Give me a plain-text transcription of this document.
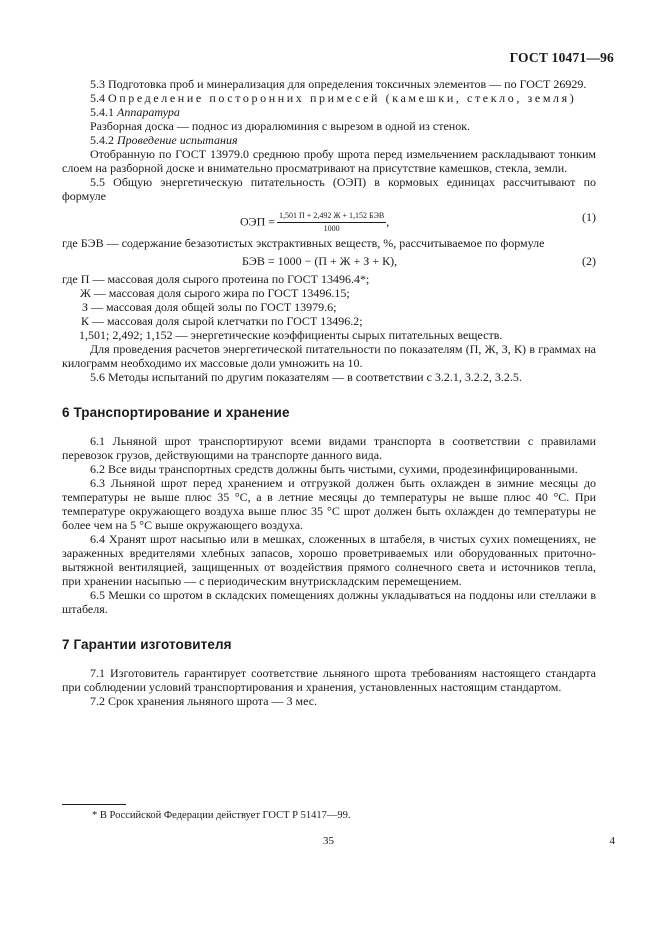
ГОСТ 10471—96

5.3 Подготовка проб и минерализация для определения токсичных элементов — по ГОСТ 26929.

5.4 Определение посторонних примесей (камешки, стекло, земля)

5.4.1 Аппаратура

Разборная доска — поднос из дюралюминия с вырезом в одной из стенок.

5.4.2 Проведение испытания

Отобранную по ГОСТ 13979.0 среднюю пробу шрота перед измельчением раскладывают тонким слоем на разборной доске и внимательно просматривают на присутствие камешков, стекла, земли.

5.5 Общую энергетическую питательность (ОЭП) в кормовых единицах рассчитывают по формуле

ОЭП = $\frac{\text{1,501 П + 2,492 Ж + 1,152 БЭВ}}{1000}$ ,	(1)

где БЭВ — содержание безазотистых экстрактивных веществ, %, рассчитываемое по формуле

БЭВ = 1000 − (П + Ж + З + К),	(2)

где П — массовая доля сырого протеина по ГОСТ 13496.4*;

Ж — массовая доля сырого жира по ГОСТ 13496.15;

З — массовая доля общей золы по ГОСТ 13979.6;

К — массовая доля сырой клетчатки по ГОСТ 13496.2;

1,501; 2,492; 1,152 — энергетические коэффициенты сырых питательных веществ.

Для проведения расчетов энергетической питательности по показателям (П, Ж, З, К) в граммах на килограмм необходимо их массовые доли умножить на 10.

5.6 Методы испытаний по другим показателям — в соответствии с 3.2.1, 3.2.2, 3.2.5.

6 Транспортирование и хранение

6.1 Льняной шрот транспортируют всеми видами транспорта в соответствии с правилами перевозок грузов, действующими на транспорте данного вида.

6.2 Все виды транспортных средств должны быть чистыми, сухими, продезинфицированными.

6.3 Льняной шрот перед хранением и отгрузкой должен быть охлажден в зимние месяцы до температуры не выше плюс 35 °С, а в летние месяцы до температуры не выше плюс 40 °С. При температуре окружающего воздуха выше плюс 35 °С шрот должен быть охлажден до температуры не более чем на 5 °С выше окружающего воздуха.

6.4 Хранят шрот насыпью или в мешках, сложенных в штабеля, в чистых сухих помещениях, не зараженных вредителями хлебных запасов, хорошо проветриваемых или оборудованных приточно-вытяжной вентиляцией, защищенных от воздействия прямого солнечного света и источников тепла, при хранении насыпью — с периодическим внутрискладским перемещением.

6.5 Мешки со шротом в складских помещениях должны укладываться на поддоны или стеллажи в штабеля.

7 Гарантии изготовителя

7.1 Изготовитель гарантирует соответствие льняного шрота требованиям настоящего стандарта при соблюдении условий транспортирования и хранения, установленных настоящим стандартом.

7.2 Срок хранения льняного шрота — 3 мес.

* В Российской Федерации действует ГОСТ Р 51417—99.
35	4
